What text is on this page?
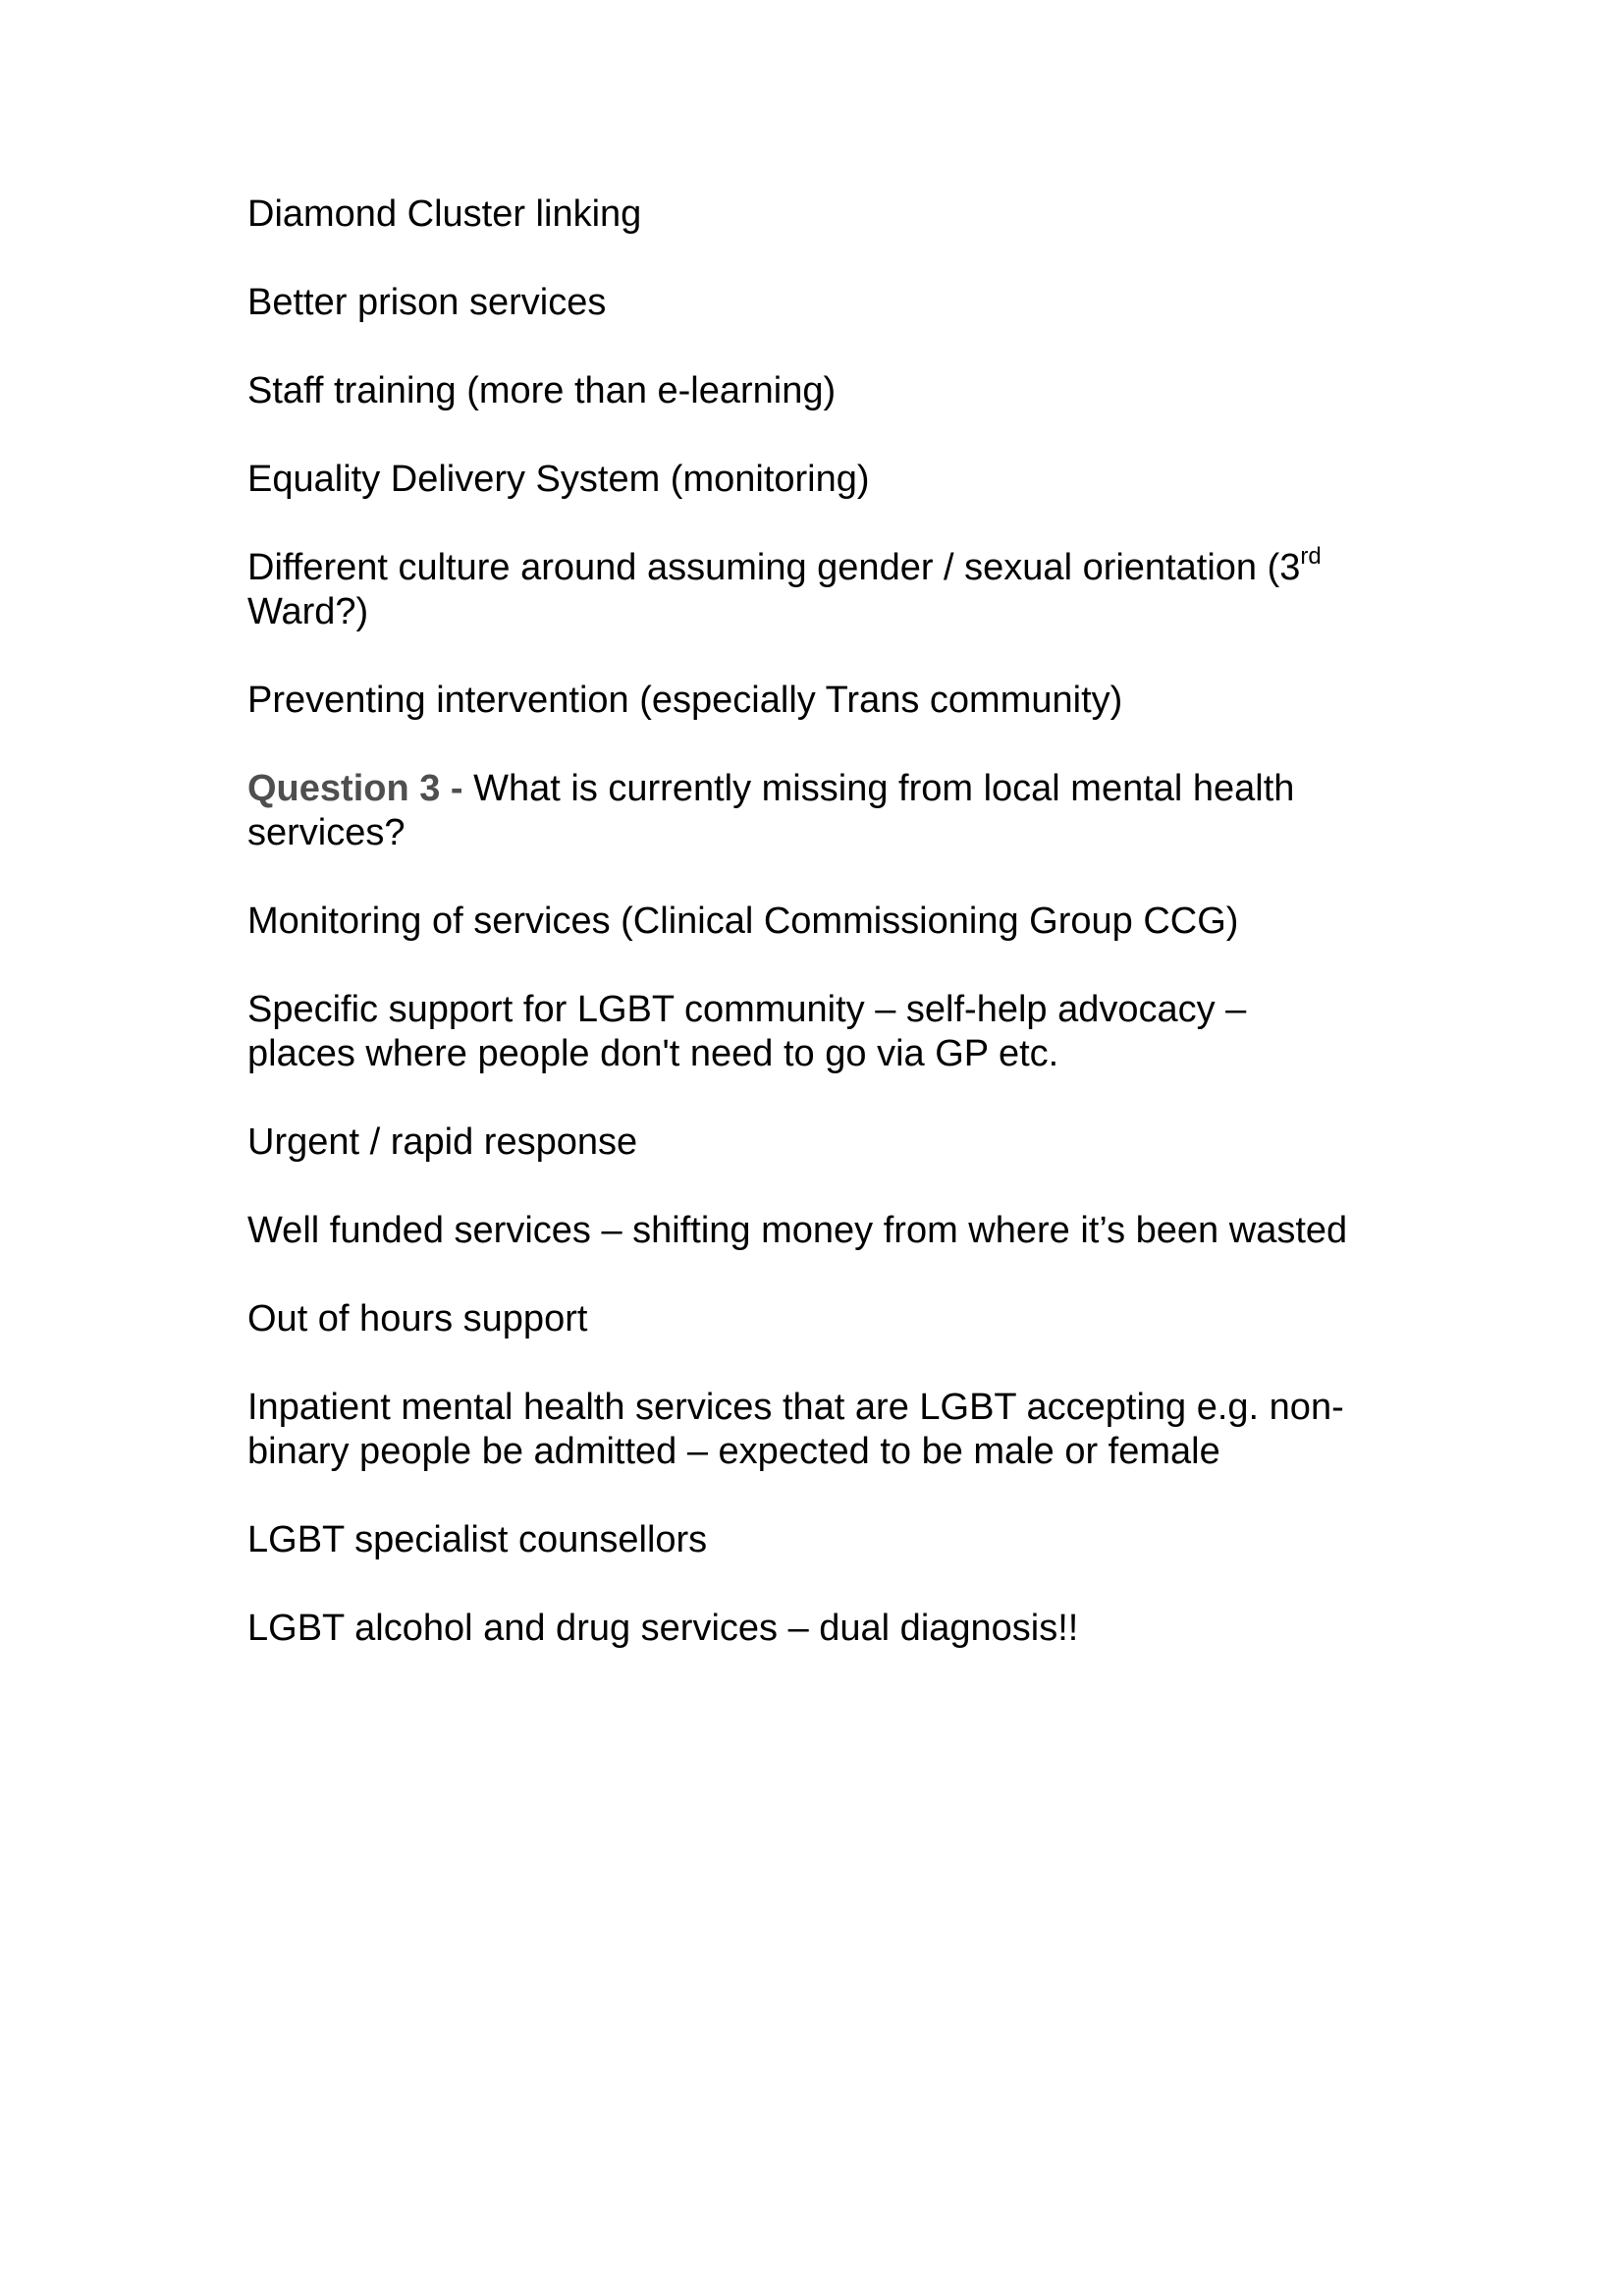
Diamond Cluster linking

Better prison services

Staff training (more than e-learning)

Equality Delivery System (monitoring)

Different culture around assuming gender / sexual orientation (3rd
Ward?)

Preventing intervention (especially Trans community)

Question 3 - What is currently missing from local mental health services?

Monitoring of services (Clinical Commissioning Group CCG)

Specific support for LGBT community – self-help advocacy – places where people don't need to go via GP etc.

Urgent / rapid response

Well funded services – shifting money from where it’s been wasted

Out of hours support

Inpatient mental health services that are LGBT accepting e.g. non-binary people be admitted – expected to be male or female

LGBT specialist counsellors

LGBT alcohol and drug services – dual diagnosis!!
